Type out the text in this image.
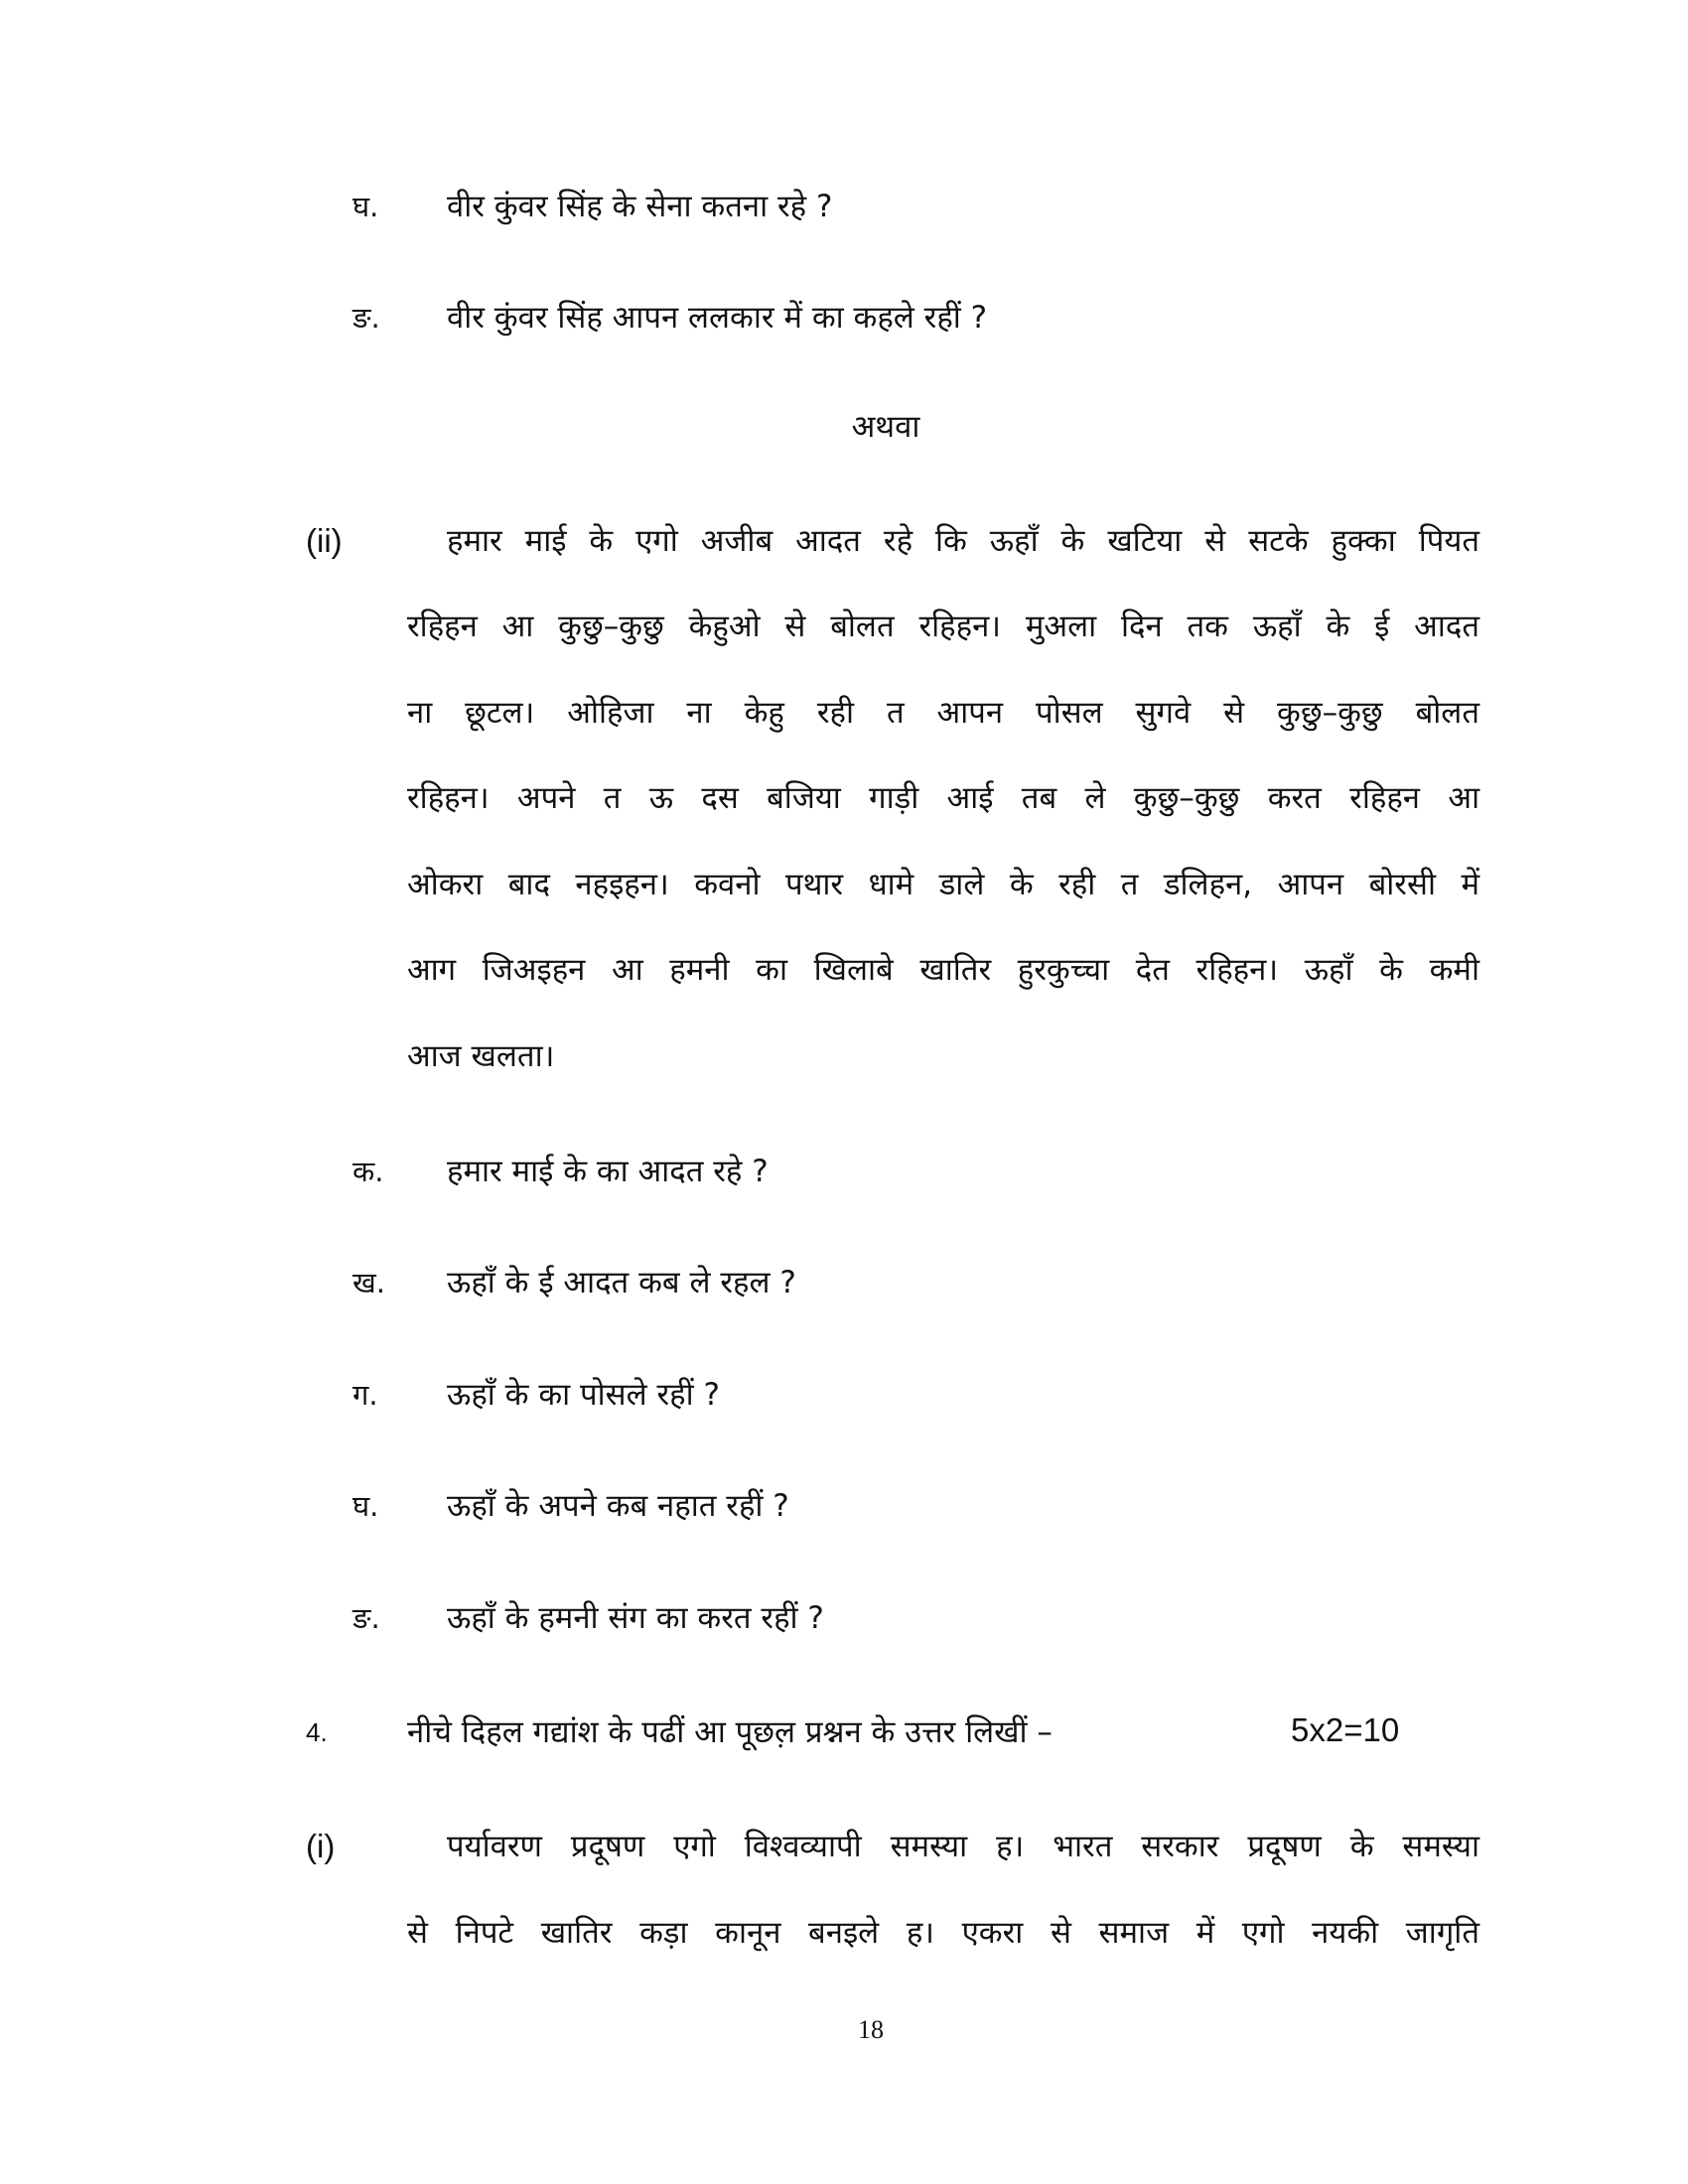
घ. वीर कुंवर सिंह के सेना कतना रहे ?
ङ. वीर कुंवर सिंह आपन ललकार में का कहले रहीं ?
अथवा
(ii)	हमार माई के एगो अजीब आदत रहे कि ऊहाँ के खटिया से सटके हुक्का पियत
रहिहन आ कुछु–कुछु केहुओ से बोलत रहिहन। मुअला दिन तक ऊहाँ के ई आदत
ना छूटल। ओहिजा ना केहु रही त आपन पोसल सुगवे से कुछु–कुछु बोलत
रहिहन। अपने त ऊ दस बजिया गाड़ी आई तब ले कुछु–कुछु करत रहिहन आ
ओकरा बाद नहइहन। कवनो पथार धामे डाले के रही त डलिहन, आपन बोरसी में
आग जिअइहन आ हमनी का खिलाबे खातिर हुरकुच्चा देत रहिहन। ऊहाँ के कमी
आज खलता।
क. हमार माई के का आदत रहे ?
ख. ऊहाँ के ई आदत कब ले रहल ?
ग. ऊहाँ के का पोसले रहीं ?
घ. ऊहाँ के अपने कब नहात रहीं ?
ङ. ऊहाँ के हमनी संग का करत रहीं ?
4.	नीचे दिहल गद्यांश के पढीं आ पूछल़ प्रश्नन के उत्तर लिखीं –	5x2=10
(i)	पर्यावरण प्रदूषण एगो विश्वव्यापी समस्या ह। भारत सरकार प्रदूषण के समस्या
से निपटे खातिर कड़ा कानून बनइले ह। एकरा से समाज में एगो नयकी जागृति
18
